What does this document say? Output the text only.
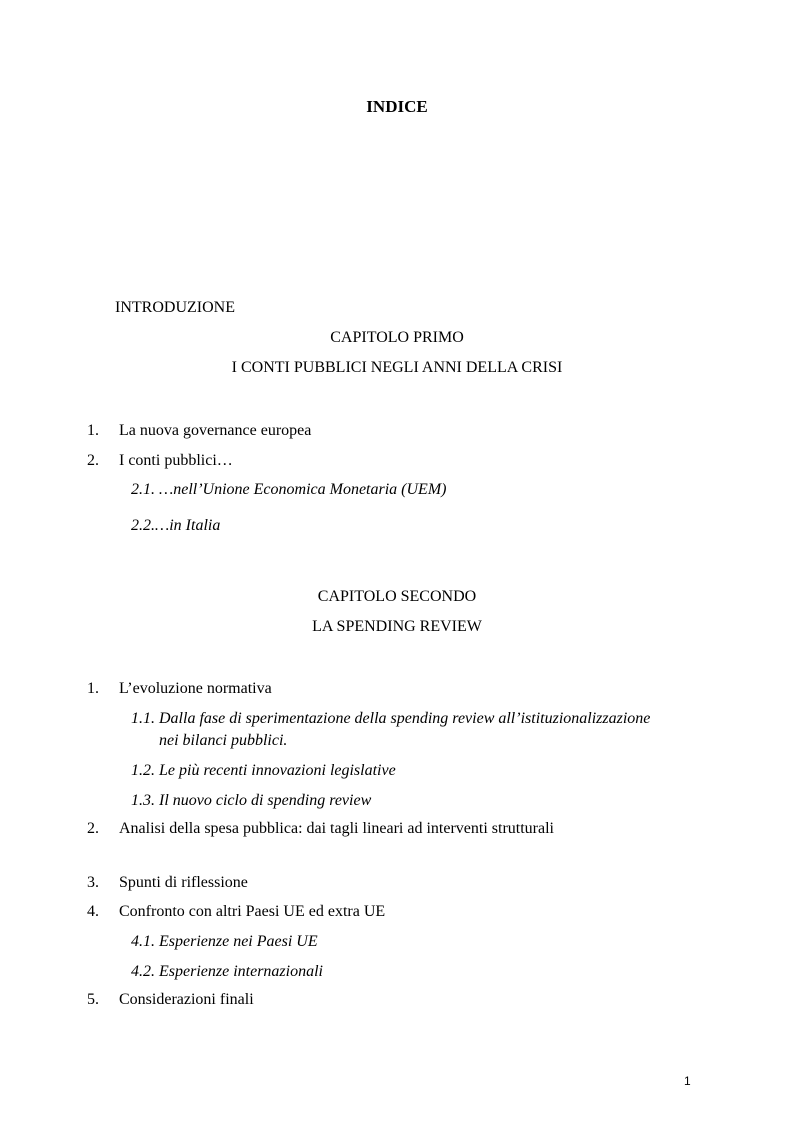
INDICE
INTRODUZIONE
CAPITOLO PRIMO
I CONTI PUBBLICI NEGLI ANNI DELLA CRISI
1. La nuova governance europea
2. I conti pubblici…
2.1. …nell’Unione Economica Monetaria (UEM)
2.2.…in Italia
CAPITOLO SECONDO
LA SPENDING REVIEW
1. L’evoluzione normativa
1.1. Dalla fase di sperimentazione della spending review all’istituzionalizzazione
nei bilanci pubblici.
1.2. Le più recenti innovazioni legislative
1.3. Il nuovo ciclo di spending review
2. Analisi della spesa pubblica: dai tagli lineari ad interventi strutturali
3. Spunti di riflessione
4. Confronto con altri Paesi UE ed extra UE
4.1. Esperienze nei Paesi UE
4.2. Esperienze internazionali
5. Considerazioni finali
1
